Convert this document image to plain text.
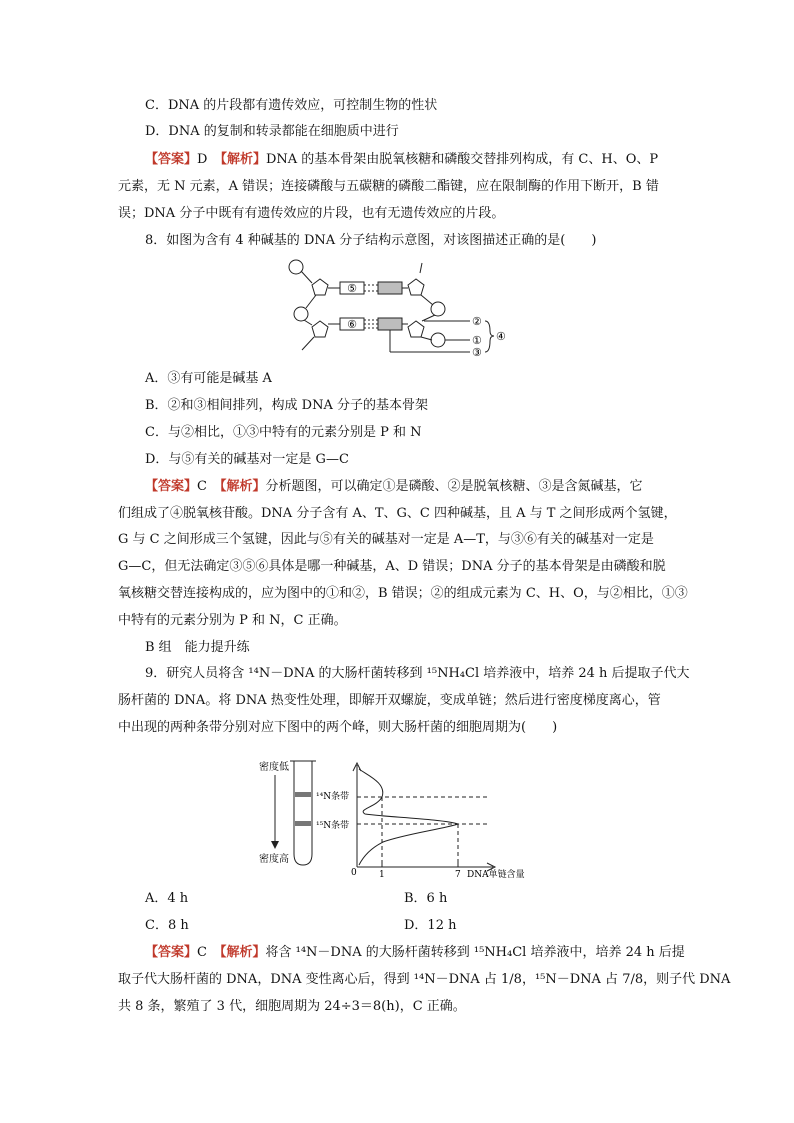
C．DNA 的片段都有遗传效应，可控制生物的性状
D．DNA 的复制和转录都能在细胞质中进行
【答案】D　 【解析】DNA 的基本骨架由脱氧核糖和磷酸交替排列构成，有 C、H、O、P
元素，无 N 元素，A 错误；连接磷酸与五碳糖的磷酸二酯键，应在限制酶的作用下断开，B 错
误；DNA 分子中既有有遗传效应的片段，也有无遗传效应的片段。
8．如图为含有 4 种碱基的 DNA 分子结构示意图，对该图描述正确的是(　　)
⑤
⑥	②
①
③
④
A．③有可能是碱基 A
B．②和③相间排列，构成 DNA 分子的基本骨架
C．与②相比，①③中特有的元素分别是 P 和 N
D．与⑤有关的碱基对一定是 G—C
【答案】C　 【解析】分析题图，可以确定①是磷酸、②是脱氧核糖、③是含氮碱基，它
们组成了④脱氧核苷酸。DNA 分子含有 A、T、G、C 四种碱基，且 A 与 T 之间形成两个氢键，
G 与 C 之间形成三个氢键，因此与⑤有关的碱基对一定是 A—T，与③⑥有关的碱基对一定是
G—C，但无法确定③⑤⑥具体是哪一种碱基，A、D 错误；DNA 分子的基本骨架是由磷酸和脱
氧核糖交替连接构成的，应为图中的①和②，B 错误；②的组成元素为 C、H、O，与②相比，①③
中特有的元素分别为 P 和 N，C 正确。
B 组　能力提升练
9．研究人员将含 ¹⁴N－DNA 的大肠杆菌转移到 ¹⁵NH₄Cl 培养液中，培养 24 h 后提取子代大
肠杆菌的 DNA。将 DNA 热变性处理，即解开双螺旋，变成单链；然后进行密度梯度离心，管
中出现的两种条带分别对应下图中的两个峰，则大肠杆菌的细胞周期为(　　)
密度低
密度高
¹⁴N条带
¹⁵N条带
0 1	7 DNA单链含量
A．4 h	B．6 h
C．8 h	D．12 h
【答案】C　 【解析】将含 ¹⁴N－DNA 的大肠杆菌转移到 ¹⁵NH₄Cl 培养液中，培养 24 h 后提
取子代大肠杆菌的 DNA，DNA 变性离心后，得到 ¹⁴N－DNA 占 1/8，¹⁵N－DNA 占 7/8，则子代 DNA
共 8 条，繁殖了 3 代，细胞周期为 24÷3＝8(h)，C 正确。
